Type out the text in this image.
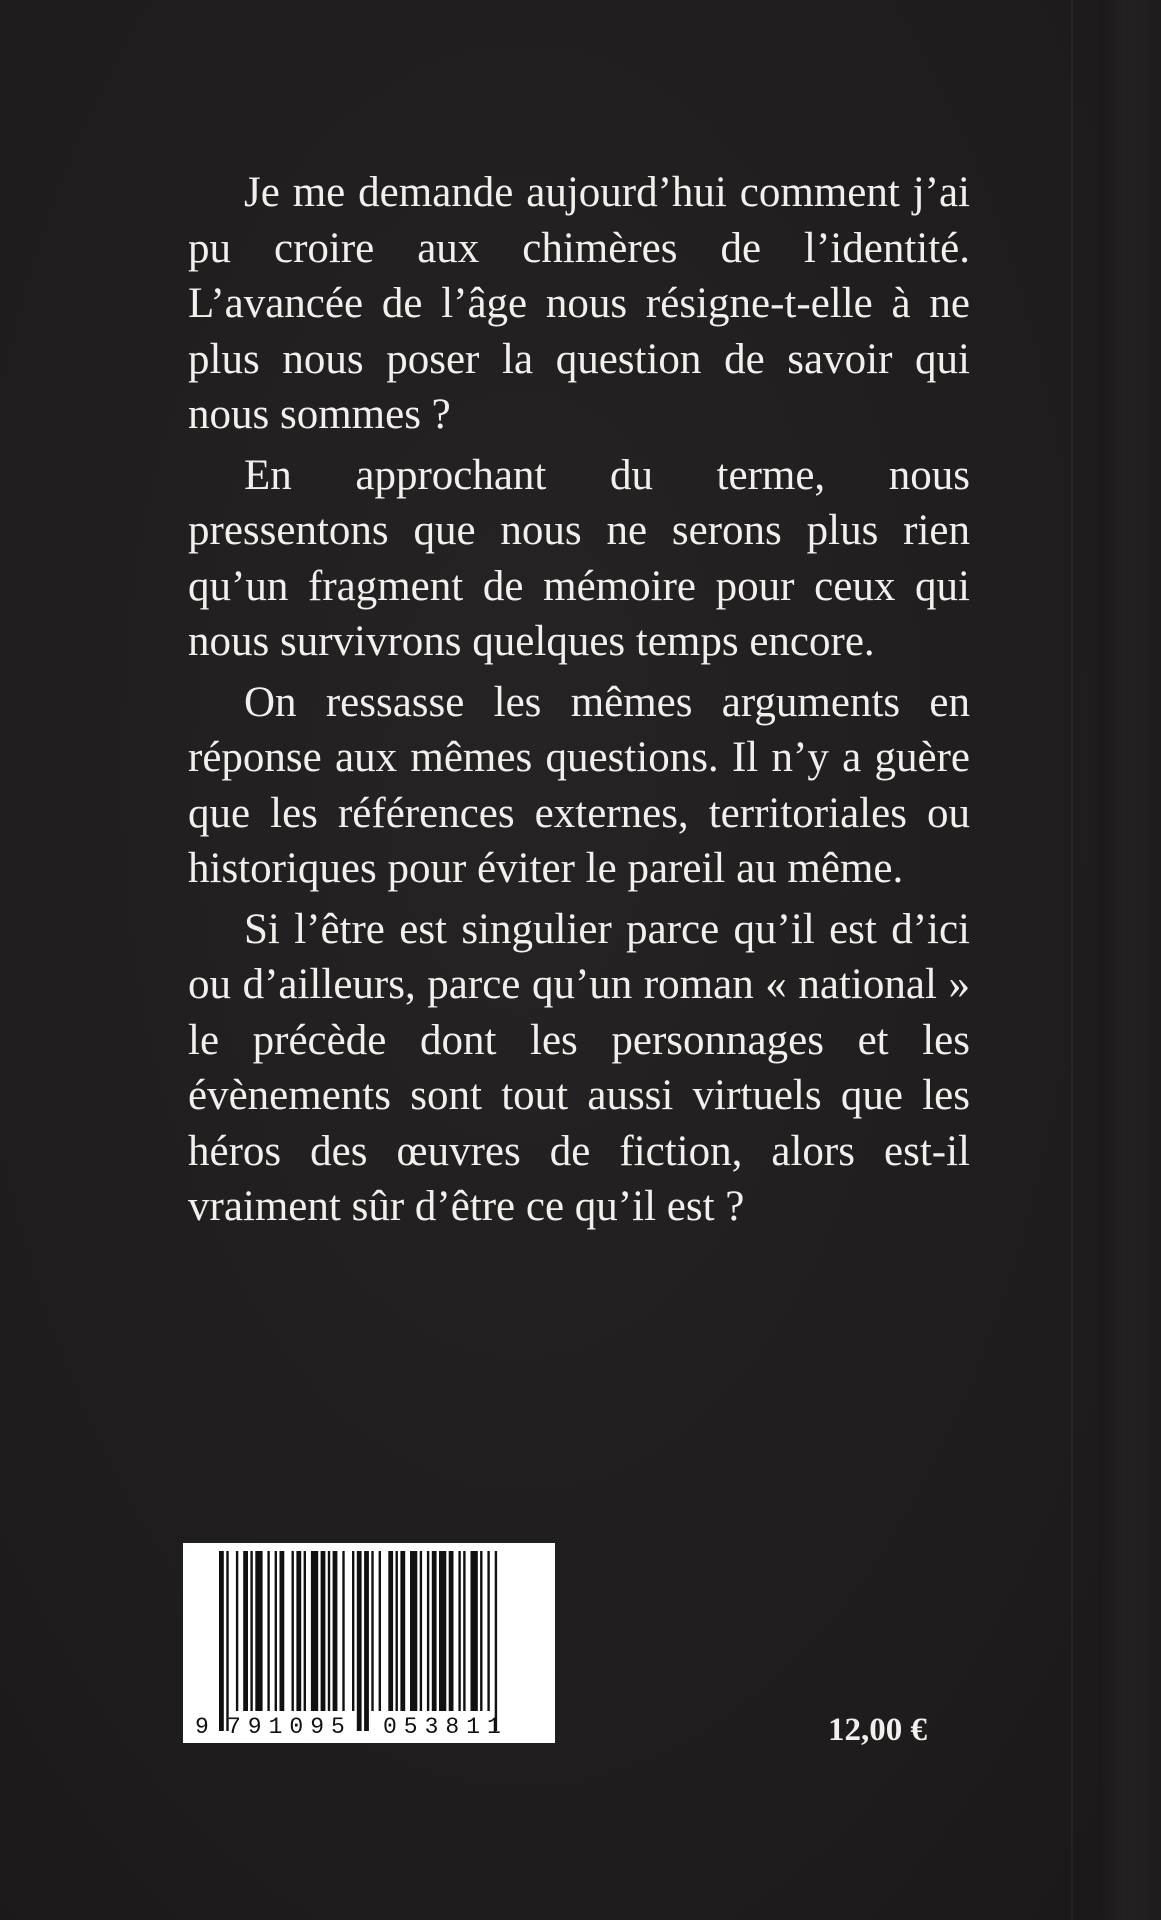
Je me demande aujourd’hui comment j’ai pu croire aux chimères de l’identité. L’avancée de l’âge nous résigne-t-elle à ne plus nous poser la question de savoir qui nous sommes ?

En approchant du terme, nous pressentons que nous ne serons plus rien qu’un fragment de mémoire pour ceux qui nous survivrons quelques temps encore.

On ressasse les mêmes arguments en réponse aux mêmes questions. Il n’y a guère que les références externes, territoriales ou historiques pour éviter le pareil au même.

Si l’être est singulier parce qu’il est d’ici ou d’ailleurs, parce qu’un roman « national » le précède dont les personnages et les évènements sont tout aussi virtuels que les héros des œuvres de fiction, alors est-il vraiment sûr d’être ce qu’il est ?

9 791095 053811	12,00 €
